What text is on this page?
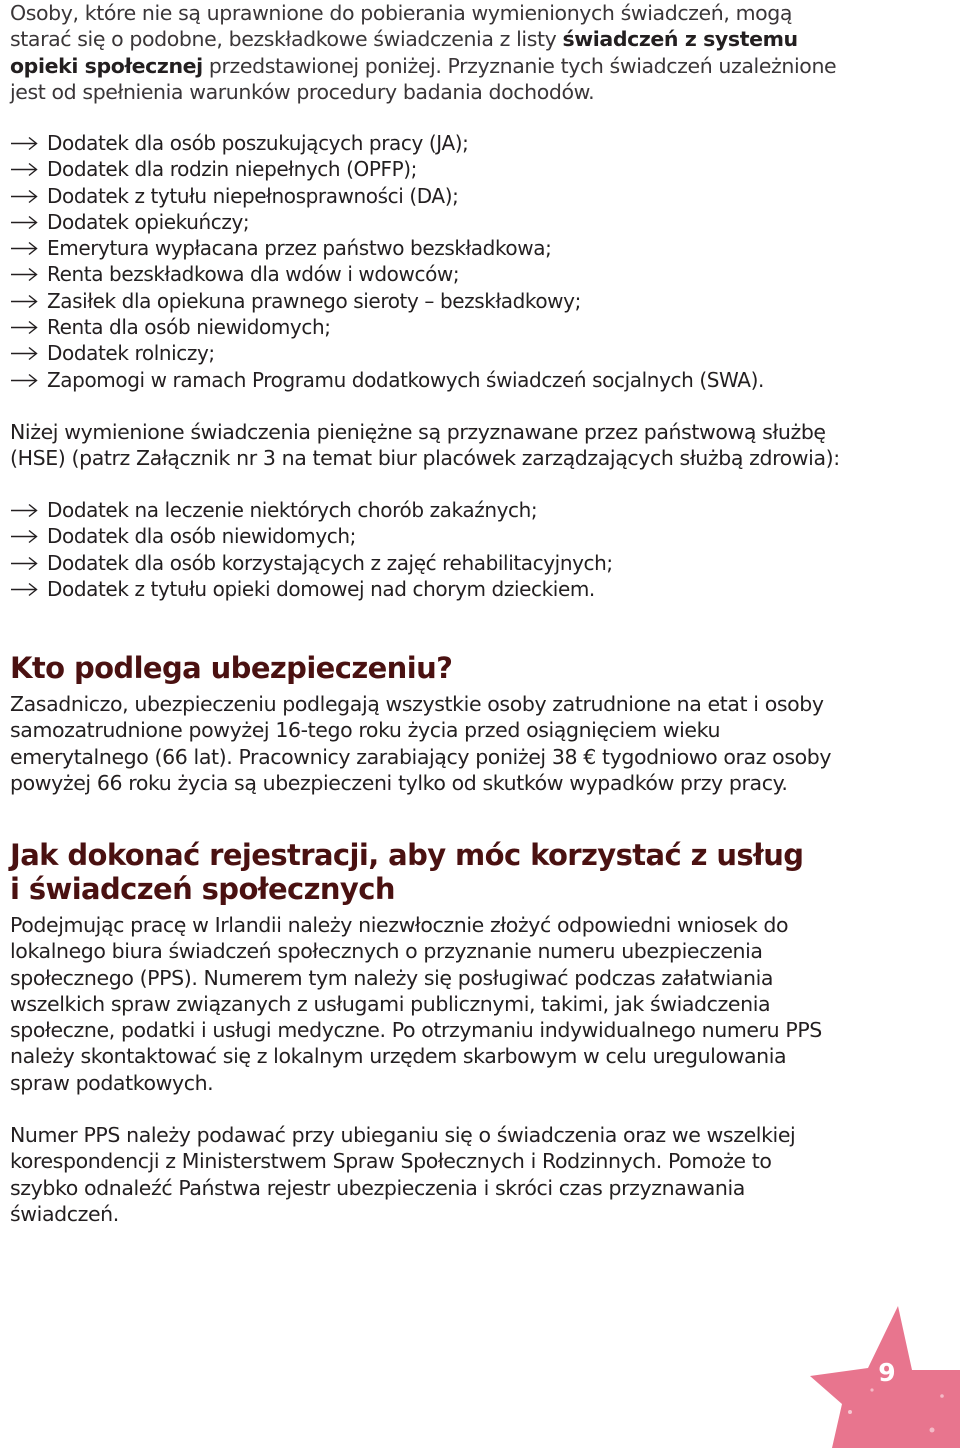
Osoby, które nie są uprawnione do pobierania wymienionych świadczeń, mogą starać się o podobne, bezskładkowe świadczenia z listy świadczeń z systemu opieki społecznej przedstawionej poniżej. Przyznanie tych świadczeń uzależnione jest od spełnienia warunków procedury badania dochodów.

Dodatek dla osób poszukujących pracy (JA);
Dodatek dla rodzin niepełnych (OPFP);
Dodatek z tytułu niepełnosprawności (DA);
Dodatek opiekuńczy;
Emerytura wypłacana przez państwo bezskładkowa;
Renta bezskładkowa dla wdów i wdowców;
Zasiłek dla opiekuna prawnego sieroty – bezskładkowy;
Renta dla osób niewidomych;
Dodatek rolniczy;
Zapomogi w ramach Programu dodatkowych świadczeń socjalnych (SWA).

Niżej wymienione świadczenia pieniężne są przyznawane przez państwową służbę (HSE) (patrz Załącznik nr 3 na temat biur placówek zarządzających służbą zdrowia):

Dodatek na leczenie niektórych chorób zakaźnych;
Dodatek dla osób niewidomych;
Dodatek dla osób korzystających z zajęć rehabilitacyjnych;
Dodatek z tytułu opieki domowej nad chorym dzieckiem.
Kto podlega ubezpieczeniu?

Zasadniczo, ubezpieczeniu podlegają wszystkie osoby zatrudnione na etat i osoby samozatrudnione powyżej 16-tego roku życia przed osiągnięciem wieku emerytalnego (66 lat). Pracownicy zarabiający poniżej 38 € tygodniowo oraz osoby powyżej 66 roku życia są ubezpieczeni tylko od skutków wypadków przy pracy.

Jak dokonać rejestracji, aby móc korzystać z usług i świadczeń społecznych

Podejmując pracę w Irlandii należy niezwłocznie złożyć odpowiedni wniosek do lokalnego biura świadczeń społecznych o przyznanie numeru ubezpieczenia społecznego (PPS). Numerem tym należy się posługiwać podczas załatwiania wszelkich spraw związanych z usługami publicznymi, takimi, jak świadczenia społeczne, podatki i usługi medyczne. Po otrzymaniu indywidualnego numeru PPS należy skontaktować się z lokalnym urzędem skarbowym w celu uregulowania spraw podatkowych.

Numer PPS należy podawać przy ubieganiu się o świadczenia oraz we wszelkiej korespondencji z Ministerstwem Spraw Społecznych i Rodzinnych. Pomoże to szybko odnaleźć Państwa rejestr ubezpieczenia i skróci czas przyznawania świadczeń.

9
